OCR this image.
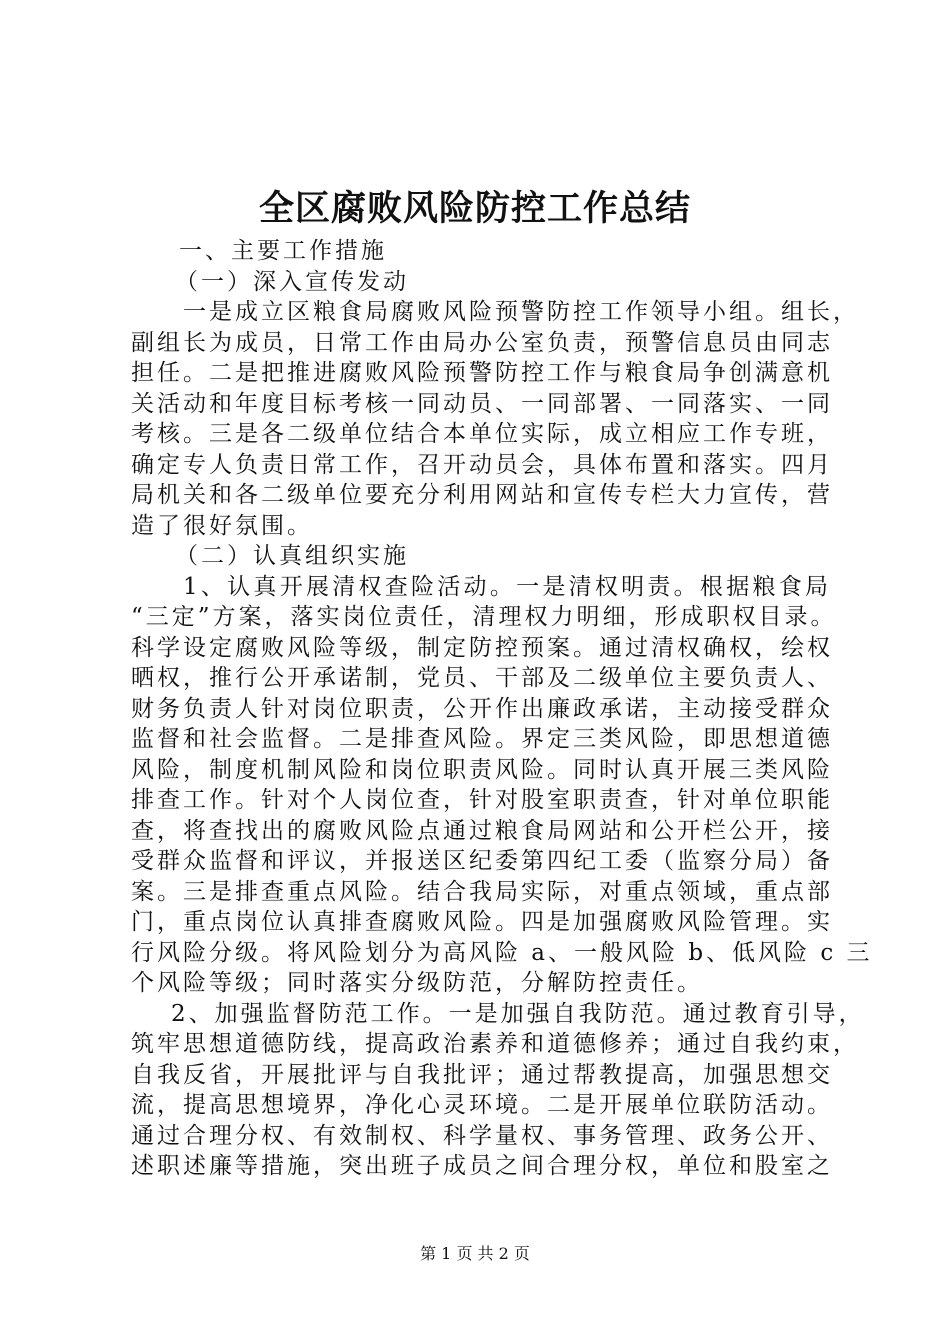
全区腐败风险防控工作总结
一、主要工作措施
（一）深入宣传发动
一是成立区粮食局腐败风险预警防控工作领导小组。组长，
副组长为成员，日常工作由局办公室负责，预警信息员由同志
担任。二是把推进腐败风险预警防控工作与粮食局争创满意机
关活动和年度目标考核一同动员、一同部署、一同落实、一同
考核。三是各二级单位结合本单位实际，成立相应工作专班，
确定专人负责日常工作，召开动员会，具体布置和落实。四月
局机关和各二级单位要充分利用网站和宣传专栏大力宣传，营
造了很好氛围。
（二）认真组织实施
1、认真开展清权查险活动。一是清权明责。根据粮食局
“三定”方案，落实岗位责任，清理权力明细，形成职权目录。
科学设定腐败风险等级，制定防控预案。通过清权确权，绘权
晒权，推行公开承诺制，党员、干部及二级单位主要负责人、
财务负责人针对岗位职责，公开作出廉政承诺，主动接受群众
监督和社会监督。二是排查风险。界定三类风险，即思想道德
风险，制度机制风险和岗位职责风险。同时认真开展三类风险
排查工作。针对个人岗位查，针对股室职责查，针对单位职能
查，将查找出的腐败风险点通过粮食局网站和公开栏公开，接
受群众监督和评议，并报送区纪委第四纪工委（监察分局）备
案。三是排查重点风险。结合我局实际，对重点领域，重点部
门，重点岗位认真排查腐败风险。四是加强腐败风险管理。实
行风险分级。将风险划分为高风险 a、一般风险 b、低风险 c 三
个风险等级；同时落实分级防范，分解防控责任。
2、加强监督防范工作。一是加强自我防范。通过教育引导，
筑牢思想道德防线，提高政治素养和道德修养；通过自我约束，
自我反省，开展批评与自我批评；通过帮教提高，加强思想交
流，提高思想境界，净化心灵环境。二是开展单位联防活动。
通过合理分权、有效制权、科学量权、事务管理、政务公开、
述职述廉等措施，突出班子成员之间合理分权，单位和股室之
第 1 页 共 2 页
